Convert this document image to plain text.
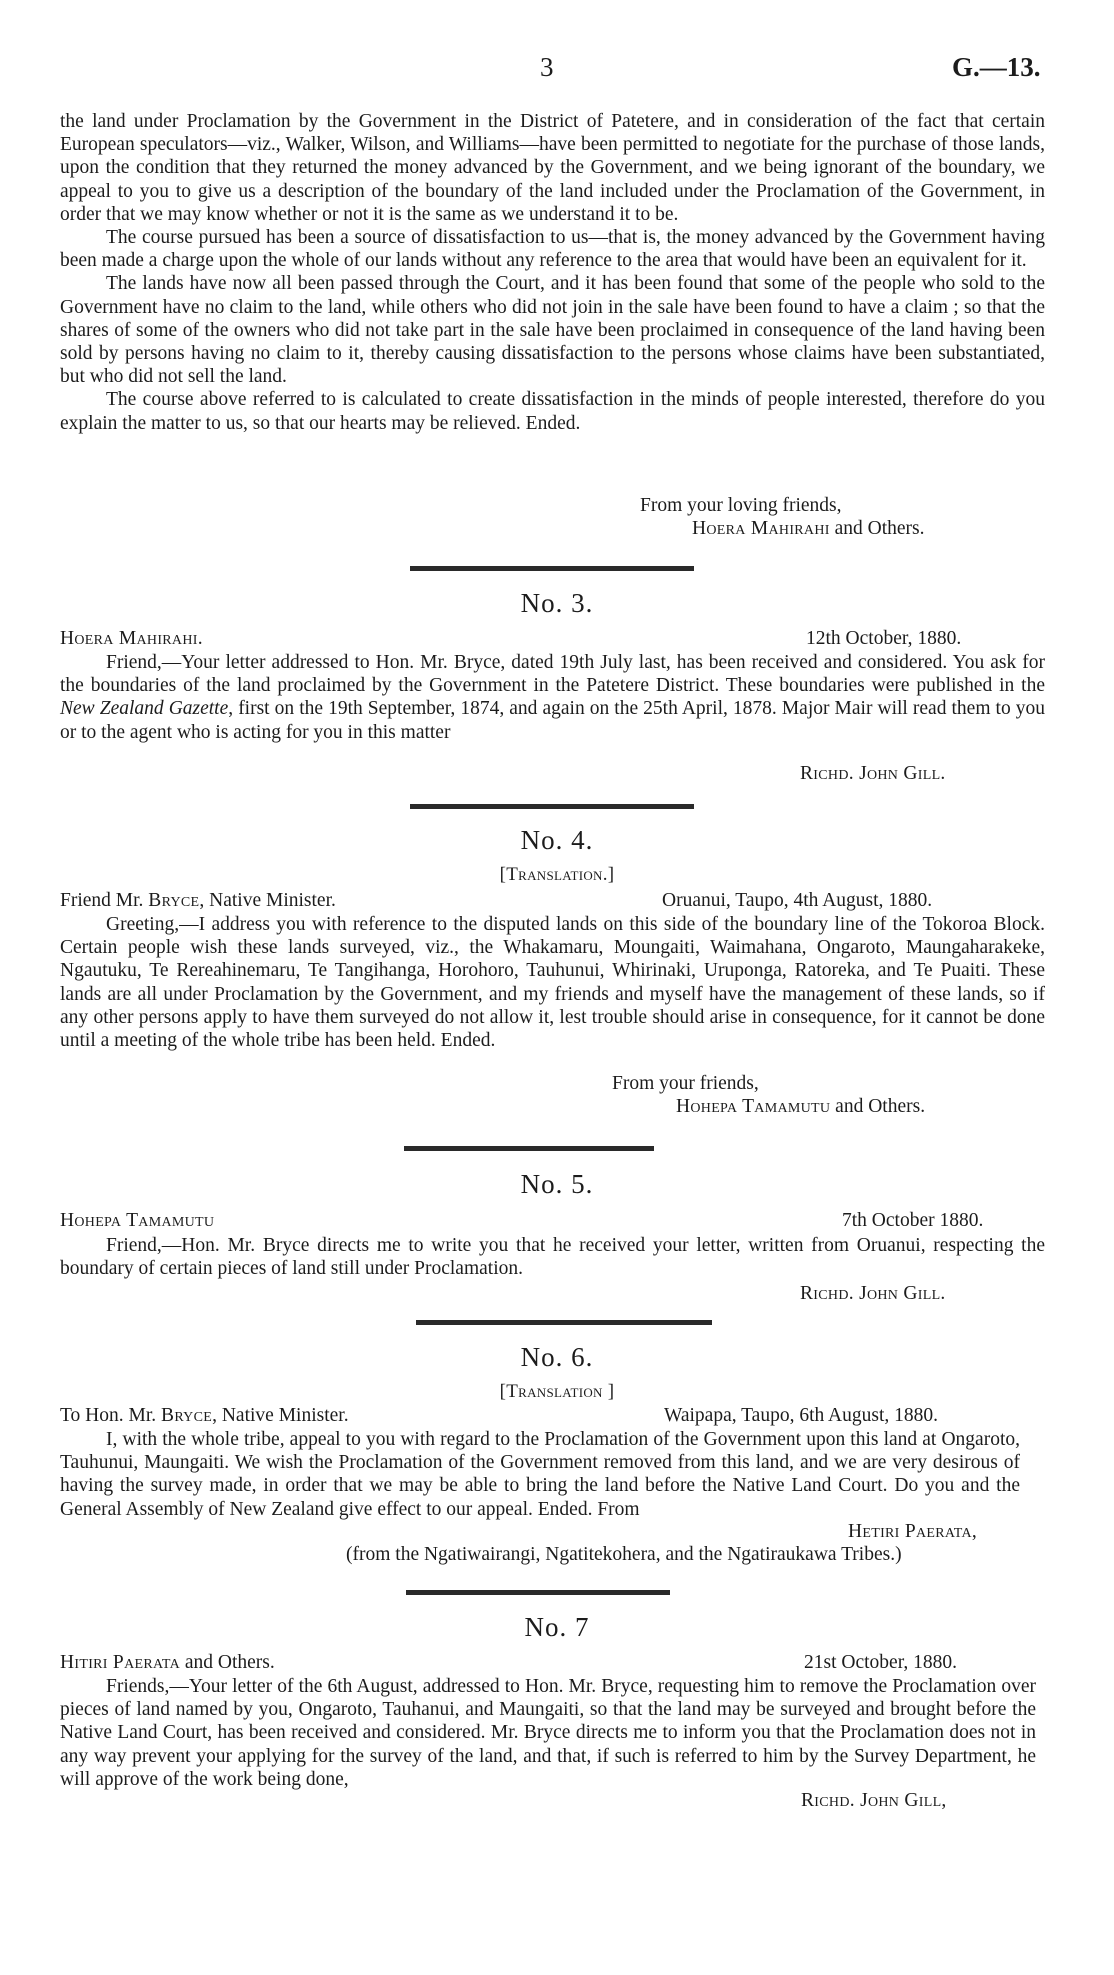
3	G.—13.

the land under Proclamation by the Government in the District of Patetere, and in consideration of the fact that certain European speculators—viz., Walker, Wilson, and Williams—have been permitted to negotiate for the purchase of those lands, upon the condition that they returned the money advanced by the Government, and we being ignorant of the boundary, we appeal to you to give us a description of the boundary of the land included under the Proclamation of the Government, in order that we may know whether or not it is the same as we understand it to be.

The course pursued has been a source of dissatisfaction to us—that is, the money advanced by the Government having been made a charge upon the whole of our lands without any reference to the area that would have been an equivalent for it.

The lands have now all been passed through the Court, and it has been found that some of the people who sold to the Government have no claim to the land, while others who did not join in the sale have been found to have a claim ; so that the shares of some of the owners who did not take part in the sale have been proclaimed in consequence of the land having been sold by persons having no claim to it, thereby causing dissatisfaction to the persons whose claims have been substantiated, but who did not sell the land.

The course above referred to is calculated to create dissatisfaction in the minds of people interested, therefore do you explain the matter to us, so that our hearts may be relieved. Ended.

From your loving friends,
Hoera Mahirahi and Others.
No. 3.
Hoera Mahirahi.	12th October, 1880.

Friend,—Your letter addressed to Hon. Mr. Bryce, dated 19th July last, has been received and considered. You ask for the boundaries of the land proclaimed by the Government in the Patetere District. These boundaries were published in the New Zealand Gazette, first on the 19th September, 1874, and again on the 25th April, 1878. Major Mair will read them to you or to the agent who is acting for you in this matter

Richd. John Gill.
No. 4.
[Translation.]
Friend Mr. Bryce, Native Minister.	Oruanui, Taupo, 4th August, 1880.

Greeting,—I address you with reference to the disputed lands on this side of the boundary line of the Tokoroa Block. Certain people wish these lands surveyed, viz., the Whakamaru, Moungaiti, Waimahana, Ongaroto, Maungaharakeke, Ngautuku, Te Rereahinemaru, Te Tangihanga, Horohoro, Tauhunui, Whirinaki, Uruponga, Ratoreka, and Te Puaiti. These lands are all under Proclamation by the Government, and my friends and myself have the management of these lands, so if any other persons apply to have them surveyed do not allow it, lest trouble should arise in consequence, for it cannot be done until a meeting of the whole tribe has been held. Ended.

From your friends,
Hohepa Tamamutu and Others.
No. 5.
Hohepa Tamamutu	7th October 1880.

Friend,—Hon. Mr. Bryce directs me to write you that he received your letter, written from Oruanui, respecting the boundary of certain pieces of land still under Proclamation.

Richd. John Gill.
No. 6.
[Translation ]
To Hon. Mr. Bryce, Native Minister.	Waipapa, Taupo, 6th August, 1880.

I, with the whole tribe, appeal to you with regard to the Proclamation of the Government upon this land at Ongaroto, Tauhunui, Maungaiti. We wish the Proclamation of the Government removed from this land, and we are very desirous of having the survey made, in order that we may be able to bring the land before the Native Land Court. Do you and the General Assembly of New Zealand give effect to our appeal. Ended. From

Hetiri Paerata,
(from the Ngatiwairangi, Ngatitekohera, and the Ngatiraukawa Tribes.)
No. 7
Hitiri Paerata and Others.	21st October, 1880.

Friends,—Your letter of the 6th August, addressed to Hon. Mr. Bryce, requesting him to remove the Proclamation over pieces of land named by you, Ongaroto, Tauhanui, and Maungaiti, so that the land may be surveyed and brought before the Native Land Court, has been received and considered. Mr. Bryce directs me to inform you that the Proclamation does not in any way prevent your applying for the survey of the land, and that, if such is referred to him by the Survey Department, he will approve of the work being done,

Richd. John Gill,
